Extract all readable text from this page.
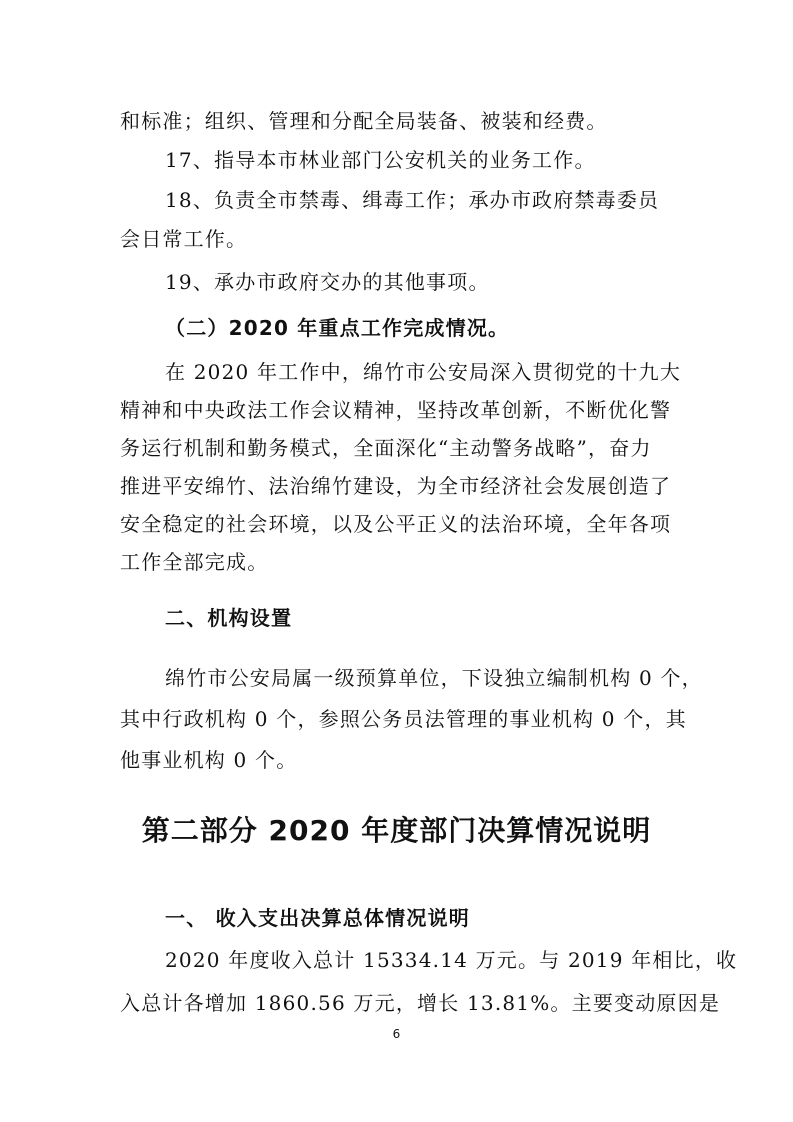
和标准；组织、管理和分配全局装备、被装和经费。
17、指导本市林业部门公安机关的业务工作。
18、负责全市禁毒、缉毒工作；承办市政府禁毒委员
会日常工作。
19、承办市政府交办的其他事项。
（二）2020 年重点工作完成情况。
在 2020 年工作中，绵竹市公安局深入贯彻党的十九大
精神和中央政法工作会议精神，坚持改革创新，不断优化警
务运行机制和勤务模式，全面深化“主动警务战略”，奋力
推进平安绵竹、法治绵竹建设，为全市经济社会发展创造了
安全稳定的社会环境，以及公平正义的法治环境，全年各项
工作全部完成。
二、机构设置
绵竹市公安局属一级预算单位，下设独立编制机构 0 个，
其中行政机构 0 个，参照公务员法管理的事业机构 0 个，其
他事业机构 0 个。
第二部分 2020 年度部门决算情况说明
一、 收入支出决算总体情况说明
2020 年度收入总计 15334.14 万元。与 2019 年相比，收
入总计各增加 1860.56 万元，增长 13.81%。主要变动原因是
6
